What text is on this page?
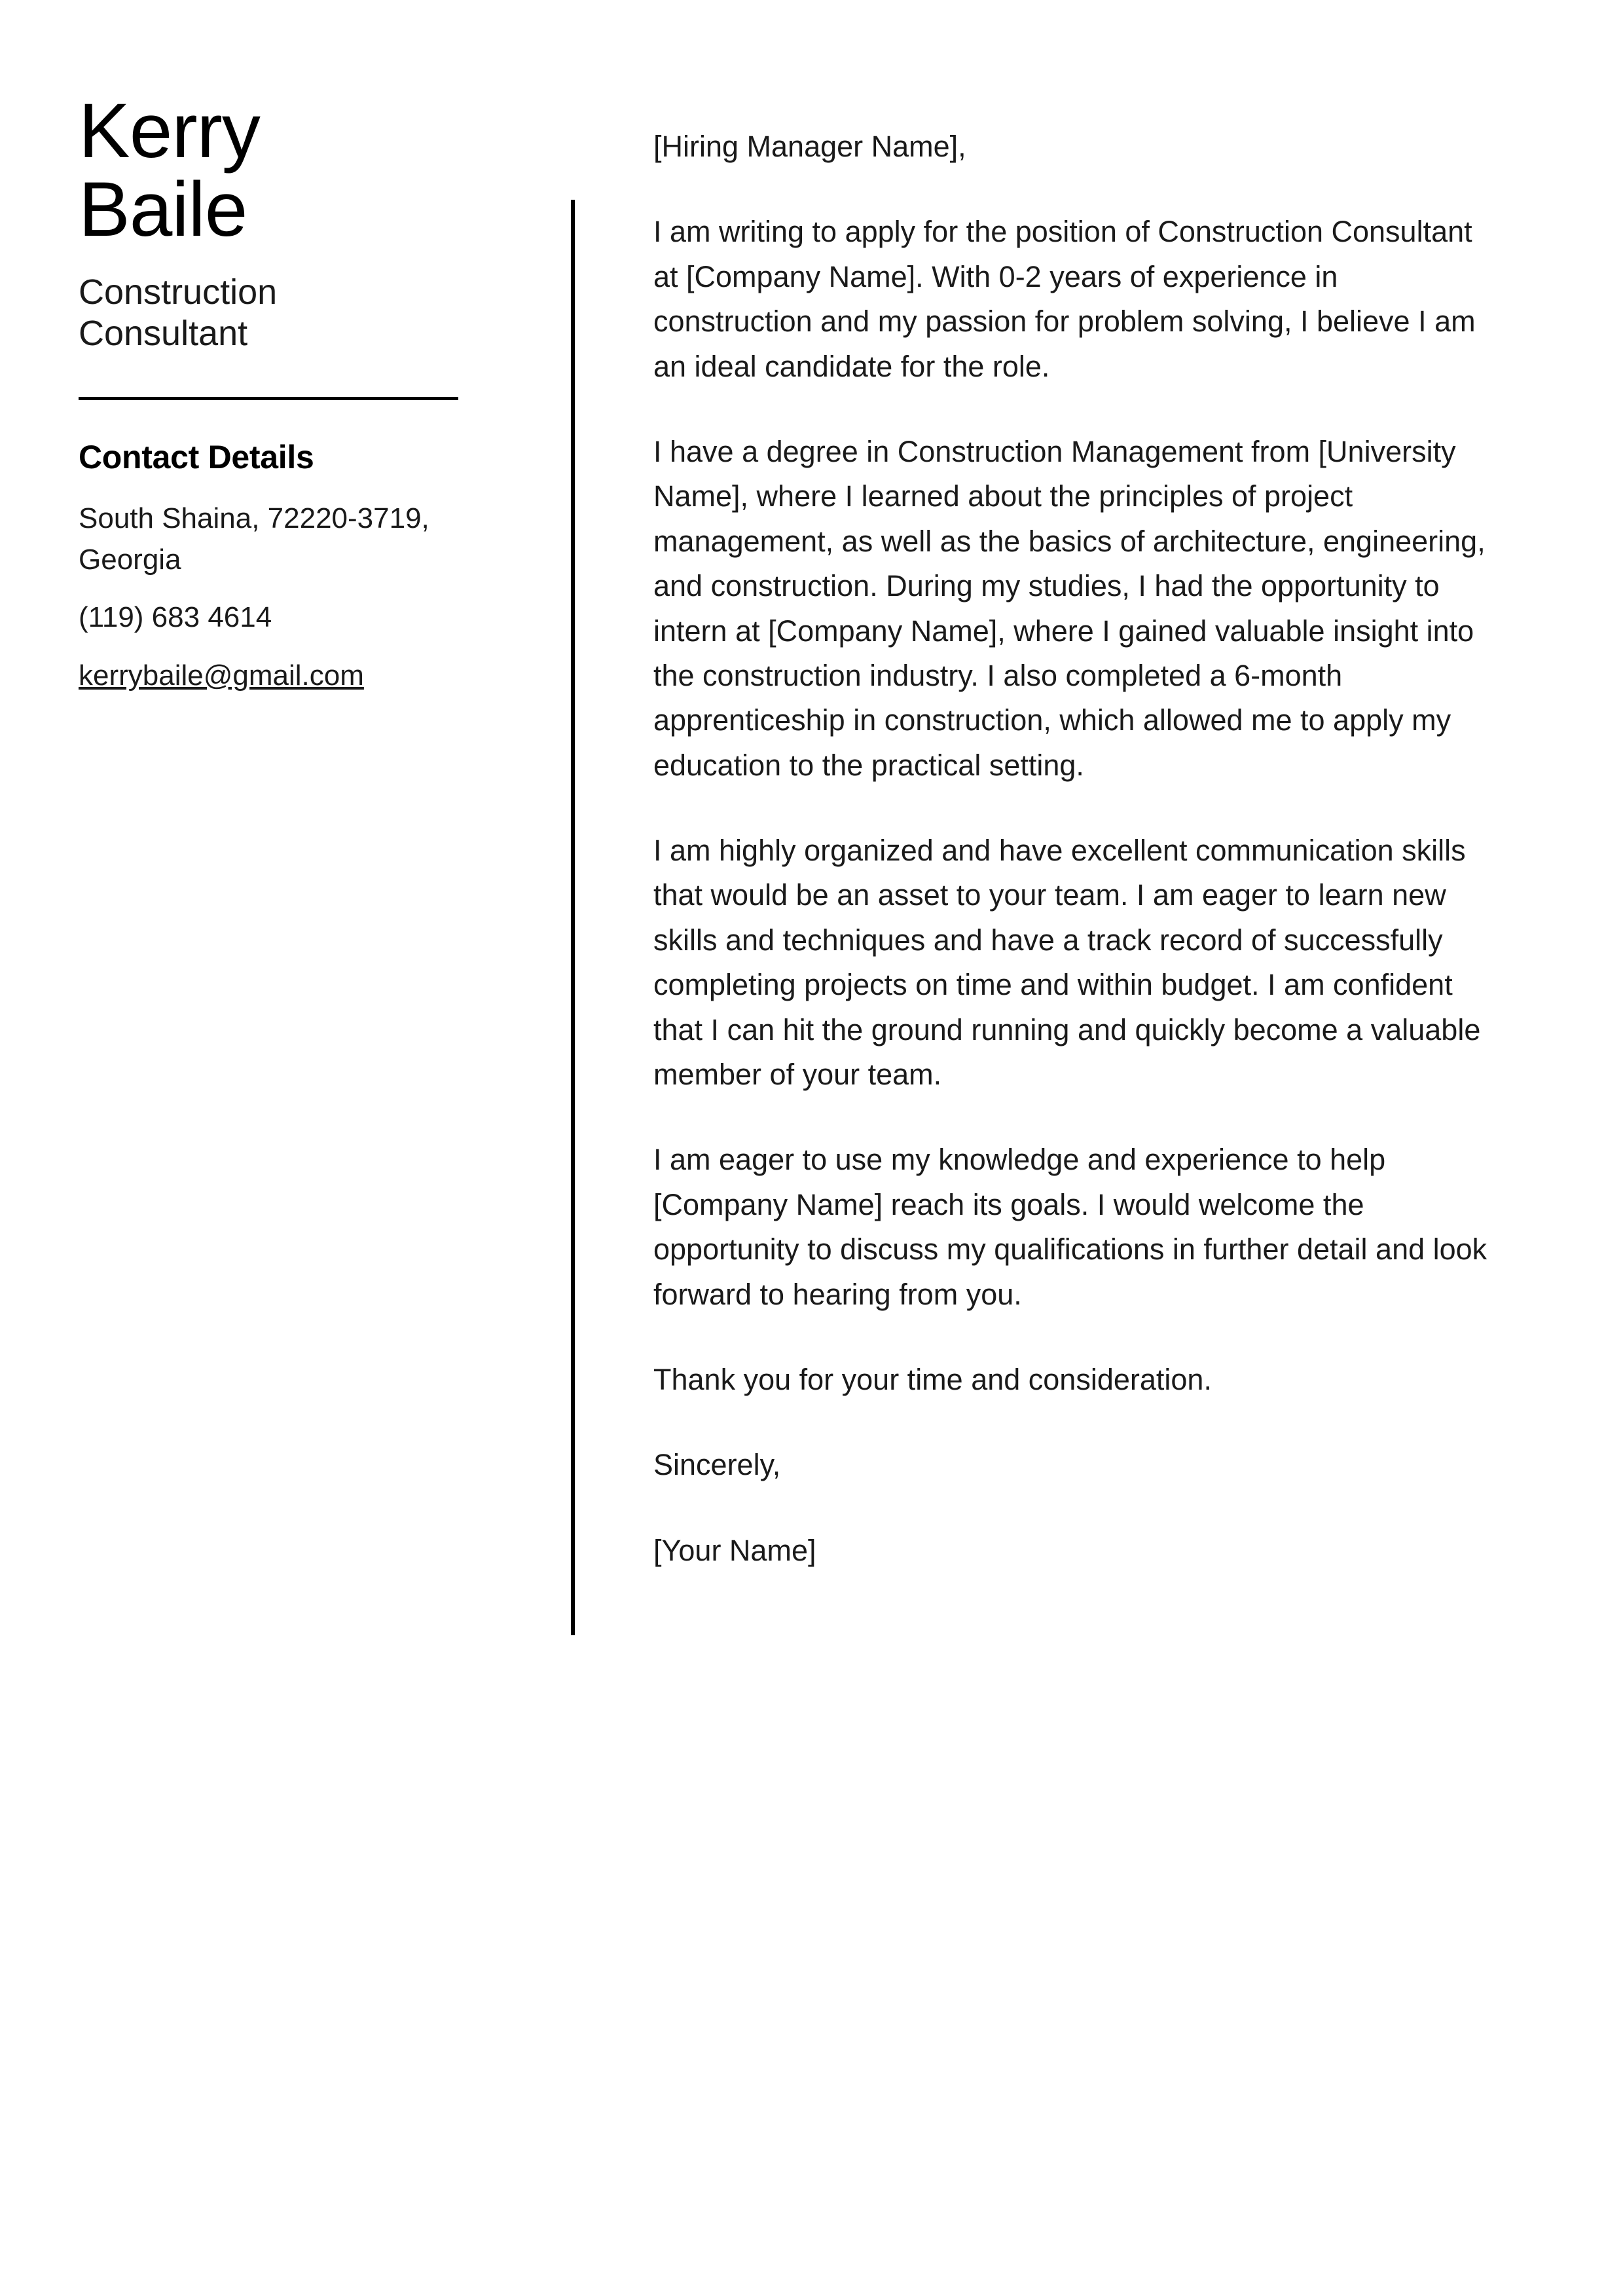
Kerry
Baile
Construction
Consultant
Contact Details
South Shaina, 72220-3719, Georgia
(119) 683 4614
kerrybaile@gmail.com

[Hiring Manager Name],

I am writing to apply for the position of Construction Consultant at [Company Name]. With 0-2 years of experience in construction and my passion for problem solving, I believe I am an ideal candidate for the role.

I have a degree in Construction Management from [University Name], where I learned about the principles of project management, as well as the basics of architecture, engineering, and construction. During my studies, I had the opportunity to intern at [Company Name], where I gained valuable insight into the construction industry. I also completed a 6-month apprenticeship in construction, which allowed me to apply my education to the practical setting.

I am highly organized and have excellent communication skills that would be an asset to your team. I am eager to learn new skills and techniques and have a track record of successfully completing projects on time and within budget. I am confident that I can hit the ground running and quickly become a valuable member of your team.

I am eager to use my knowledge and experience to help [Company Name] reach its goals. I would welcome the opportunity to discuss my qualifications in further detail and look forward to hearing from you.

Thank you for your time and consideration.

Sincerely,

[Your Name]
